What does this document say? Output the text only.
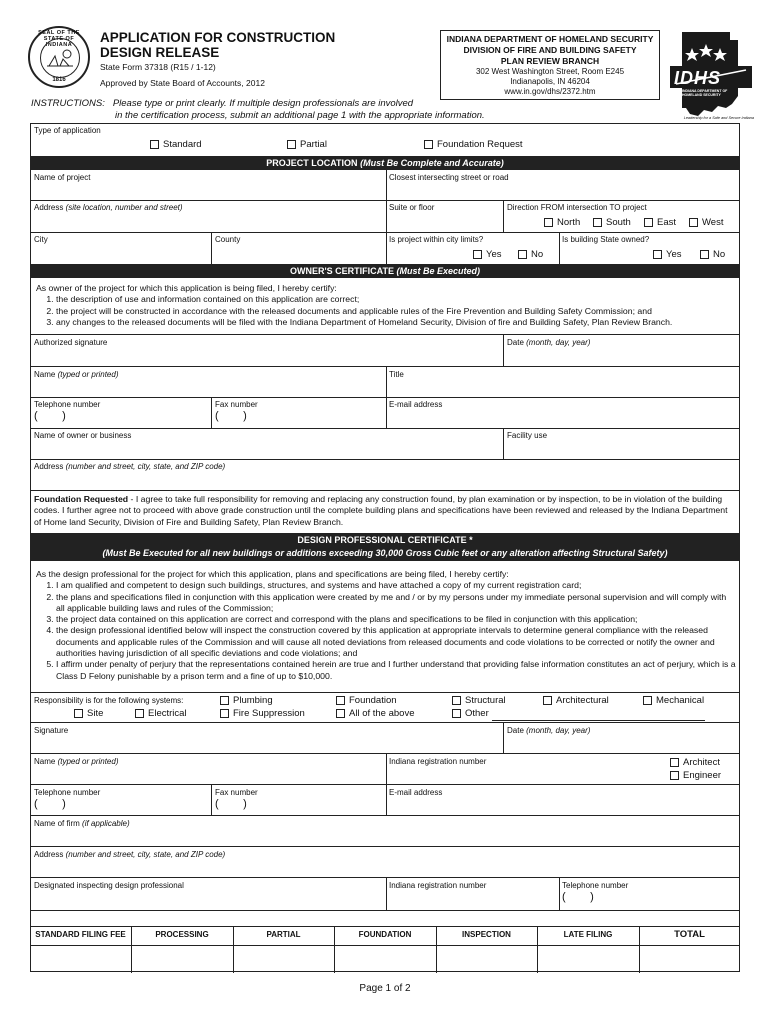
SEAL OF THE STATE OF INDIANA
1816
APPLICATION FOR CONSTRUCTION
DESIGN RELEASE
State Form 37318 (R15 / 1-12)
Approved by State Board of Accounts, 2012
INDIANA DEPARTMENT OF HOMELAND SECURITY
DIVISION OF FIRE AND BUILDING SAFETY
PLAN REVIEW BRANCH
302 West Washington Street, Room E245
Indianapolis, IN 46204
www.in.gov/dhs/2372.htm
IDHS
INDIANA DEPARTMENT OF HOMELAND SECURITY
Leadership for a Safe and Secure Indiana
INSTRUCTIONS: Please type or print clearly. If multiple design professionals are involved
in the certification process, submit an additional page 1 with the appropriate information.
Type of application
Standard	Partial	Foundation Request
PROJECT LOCATION (Must Be Complete and Accurate)
Name of project	Closest intersecting street or road
Address (site location, number and street)	Suite or floor	Direction FROM intersection TO project
North	South	East	West
City	County	Is project within city limits?
Yes	No
Is building State owned?
Yes	No
OWNER'S CERTIFICATE (Must Be Executed)
As owner of the project for which this application is being filed, I hereby certify:
1. the description of use and information contained on this application are correct;
2. the project will be constructed in accordance with the released documents and applicable rules of the Fire Prevention and Building Safety Commission; and
3. any changes to the released documents will be filed with the Indiana Department of Homeland Security, Division of fire and Building Safety, Plan Review Branch.
Authorized signature	Date (month, day, year)
Name (typed or printed)	Title
Telephone number
(        )
Fax number
(        )
E-mail address
Name of owner or business	Facility use
Address (number and street, city, state, and ZIP code)
Foundation Requested - I agree to take full responsibility for removing and replacing any construction found, by plan examination or by inspection, to be in violation of the building codes. I further agree not to proceed with above grade construction until the complete building plans and specifications have been reviewed and released by the Indiana Department of Home land Security, Division of Fire and Building Safety, Plan Review Branch.
DESIGN PROFESSIONAL CERTIFICATE *
(Must Be Executed for all new buildings or additions exceeding 30,000 Gross Cubic feet or any alteration affecting Structural Safety)
As the design professional for the project for which this application, plans and specifications are being filed, I hereby certify:
1. I am qualified and competent to design such buildings, structures, and systems and have attached a copy of my current registration card;
2. the plans and specifications filed in conjunction with this application were created by me and / or by my persons under my immediate personal supervision and will comply with all applicable building laws and rules of the Commission;
3. the project data contained on this application are correct and correspond with the plans and specifications to be filed in conjunction with this application;
4. the design professional identified below will inspect the construction covered by this application at appropriate intervals to determine general compliance with the released documents and applicable rules of the Commission and will cause all noted deviations from released documents and code violations to be corrected or notify the owner and authorities having jurisdiction of all specific deviations and code violations; and
5. I affirm under penalty of perjury that the representations contained herein are true and I further understand that providing false information constitutes an act of perjury, which is a Class D Felony punishable by a prison term and a fine of up to $10,000.
Responsibility is for the following systems:
Site	Electrical
Plumbing
Fire Suppression
Foundation
All of the above
Structural
Other
Architectural	Mechanical
Signature	Date (month, day, year)
Name (typed or printed)	Indiana registration number	Architect
Engineer
Telephone number
(        )
Fax number
(        )
E-mail address
Name of firm (if applicable)
Address (number and street, city, state, and ZIP code)
Designated inspecting design professional	Indiana registration number	Telephone number
(        )
STANDARD FILING FEE	PROCESSING	PARTIAL	FOUNDATION	INSPECTION	LATE FILING	TOTAL
Page 1 of 2
